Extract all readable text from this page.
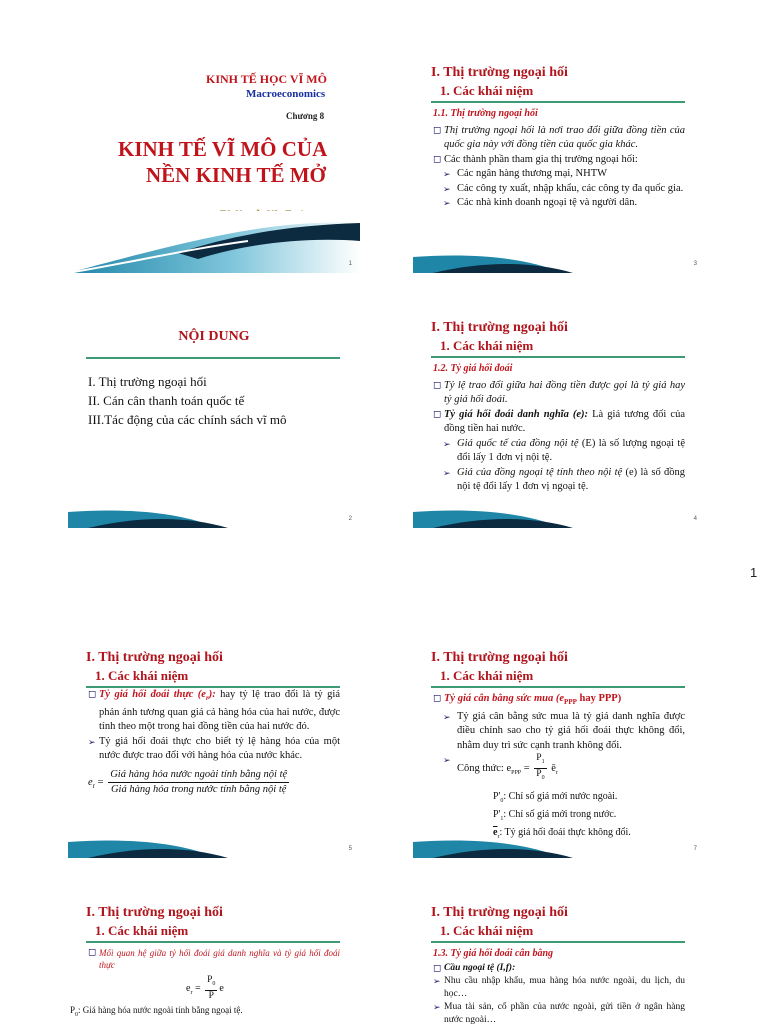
1
KINH TẾ HỌC VĨ MÔ
Macroeconomics
Chương 8
KINH TẾ VĨ MÔ CỦA
NỀN KINH TẾ MỞ
1
I. Thị trường ngoại hối
1. Các khái niệm
1.1. Thị trường ngoại hối
◻ Thị trường ngoại hối là nơi trao đổi giữa đồng tiền của quốc gia này với đồng tiền của quốc gia khác.
◻ Các thành phần tham gia thị trường ngoại hối:
➢ Các ngân hàng thương mại, NHTW
➢ Các công ty xuất, nhập khẩu, các công ty đa quốc gia.
➢ Các nhà kinh doanh ngoại tệ và người dân.
3
NỘI DUNG
I. Thị trường ngoại hối
II. Cán cân thanh toán quốc tế
III.Tác động của các chính sách vĩ mô
2
I. Thị trường ngoại hối
1. Các khái niệm
1.2. Tỷ giá hối đoái
◻ Tỷ lệ trao đổi giữa hai đồng tiền được gọi là tỷ giá hay tỷ giá hối đoái.
◻ Tỷ giá hối đoái danh nghĩa (e): Là giá tương đối của đồng tiền hai nước.
➢ Giá quốc tế của đồng nội tệ (E) là số lượng ngoại tệ đổi lấy 1 đơn vị nội tệ.
➢ Giá của đồng ngoại tệ tính theo nội tệ (e) là số đồng nội tệ đổi lấy 1 đơn vị ngoại tệ.
4
I. Thị trường ngoại hối
1. Các khái niệm
◻ Tỷ giá hối đoái thực $(e_r)$: hay tỷ lệ trao đổi là tỷ giá phản ánh tương quan giá cả hàng hóa của hai nước, được tính theo một trong hai đồng tiền của hai nước đó.
➢ Tỷ giá hối đoái thực cho biết tỷ lệ hàng hóa của một nước được trao đổi với hàng hóa của nước khác.
$e_r = \frac{\text{Giá hàng hóa nước ngoài tính bằng nội tệ}}{\text{Giá hàng hóa trong nước tính bằng nội tệ}}$
5
I. Thị trường ngoại hối
1. Các khái niệm
◻ Tỷ giá cân bằng sức mua ($e_{PPP}$ hay PPP)
➢ Tỷ giá cân bằng sức mua là tỷ giá danh nghĩa được điều chỉnh sao cho tỷ giá hối đoái thực không đổi, nhằm duy trì sức cạnh tranh không đổi.
➢
Công thức: $e_{PPP} = \frac{P_1}{P_0}$ $ē_r$
$P'_0$: Chỉ số giá mới nước ngoài.
$P'_1$: Chỉ số giá mới trong nước.
$\overline{e}_r$: Tỷ giá hối đoái thực không đổi.
7
I. Thị trường ngoại hối
1. Các khái niệm
◻ Mối quan hệ giữa tỷ hối đoái giá danh nghĩa và tỷ giá hối đoái thực
$e_r = \frac{P_0}{P}$ e
$P_0$: Giá hàng hóa nước ngoài tính bằng ngoại tệ.
I. Thị trường ngoại hối
1. Các khái niệm
1.3. Tỷ giá hối đoái cân bằng
◻ Cầu ngoại tệ (I,f):
➢ Nhu cầu nhập khẩu, mua hàng hóa nước ngoài, du lịch, du học…
➢ Mua tài sản, cổ phần của nước ngoài, gửi tiền ở ngân hàng nước ngoài…
